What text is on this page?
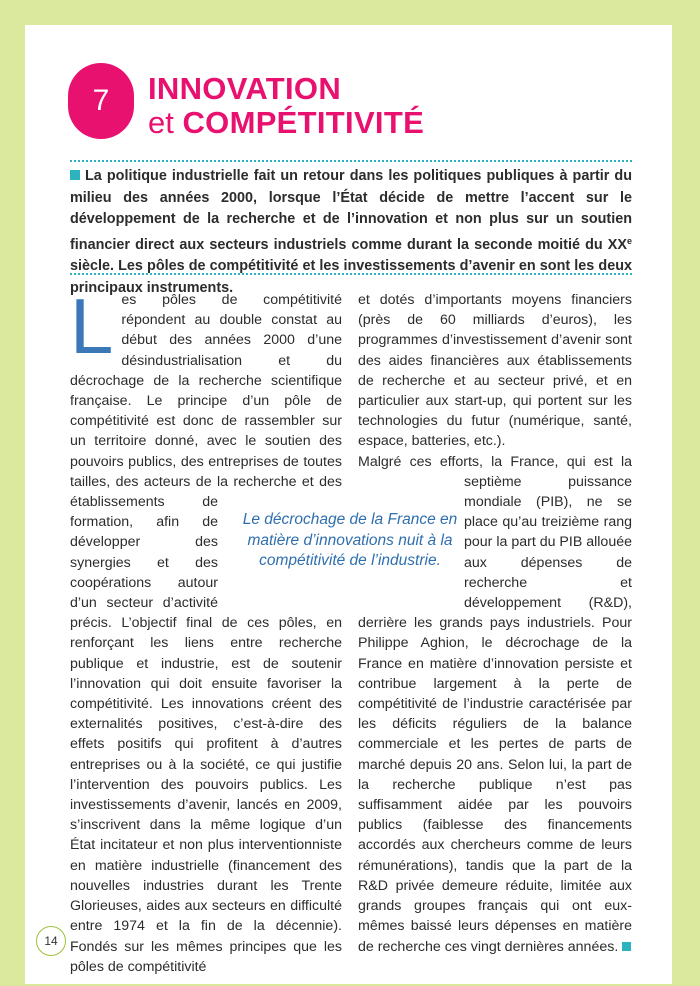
7	INNOVATION
et COMPÉTITIVITÉ

La politique industrielle fait un retour dans les politiques publiques à partir du milieu des années 2000, lorsque l’État décide de mettre l’accent sur le développement de la recherche et de l’innovation et non plus sur un soutien financier direct aux secteurs industriels comme durant la seconde moitié du XXe siècle. Les pôles de compétitivité et les investissements d’avenir en sont les deux principaux instruments.

L es pôles de compétitivité répondent au double constat au début des années 2000 d’une désindustrialisation et du décrochage de la recherche scientifique française. Le principe d’un pôle de compétitivité est donc de rassembler sur un territoire donné, avec le soutien des pouvoirs publics, des entreprises de toutes tailles, des acteurs de la recherche et des établissements de formation, afin de développer des synergies et des coopérations autour d’un secteur d’activité précis. L’objectif final de ces pôles, en renforçant les liens entre recherche publique et industrie, est de soutenir l’innovation qui doit ensuite favoriser la compétitivité. Les innovations créent des externalités positives, c’est-à-dire des effets positifs qui profitent à d’autres entreprises ou à la société, ce qui justifie l’intervention des pouvoirs publics. Les investissements d’avenir, lancés en 2009, s’inscrivent dans la même logique d’un État incitateur et non plus interventionniste en matière industrielle (financement des nouvelles industries durant les Trente Glorieuses, aides aux secteurs en difficulté entre 1974 et la fin de la décennie). Fondés sur les mêmes principes que les pôles de compétitivité

et dotés d’importants moyens financiers (près de 60 milliards d’euros), les programmes d’investissement d’avenir sont des aides financières aux établissements de recherche et au secteur privé, et en particulier aux start-up, qui portent sur les technologies du futur (numérique, santé, espace, batteries, etc.).

Malgré ces efforts, la France, qui est la septième puissance mondiale (PIB), ne se place qu’au treizième rang pour la part du PIB allouée aux dépenses de recherche et développement (R&D), derrière les grands pays industriels. Pour Philippe Aghion, le décrochage de la France en matière d’innovation persiste et contribue largement à la perte de compétitivité de l’industrie caractérisée par les déficits réguliers de la balance commerciale et les pertes de parts de marché depuis 20 ans. Selon lui, la part de la recherche publique n’est pas suffisamment aidée par les pouvoirs publics (faiblesse des financements accordés aux chercheurs comme de leurs rémunérations), tandis que la part de la R&D privée demeure réduite, limitée aux grands groupes français qui ont eux-mêmes baissé leurs dépenses en matière de recherche ces vingt dernières années.

Le décrochage de la France en matière d’innovations nuit à la compétitivité de l’industrie.
14
